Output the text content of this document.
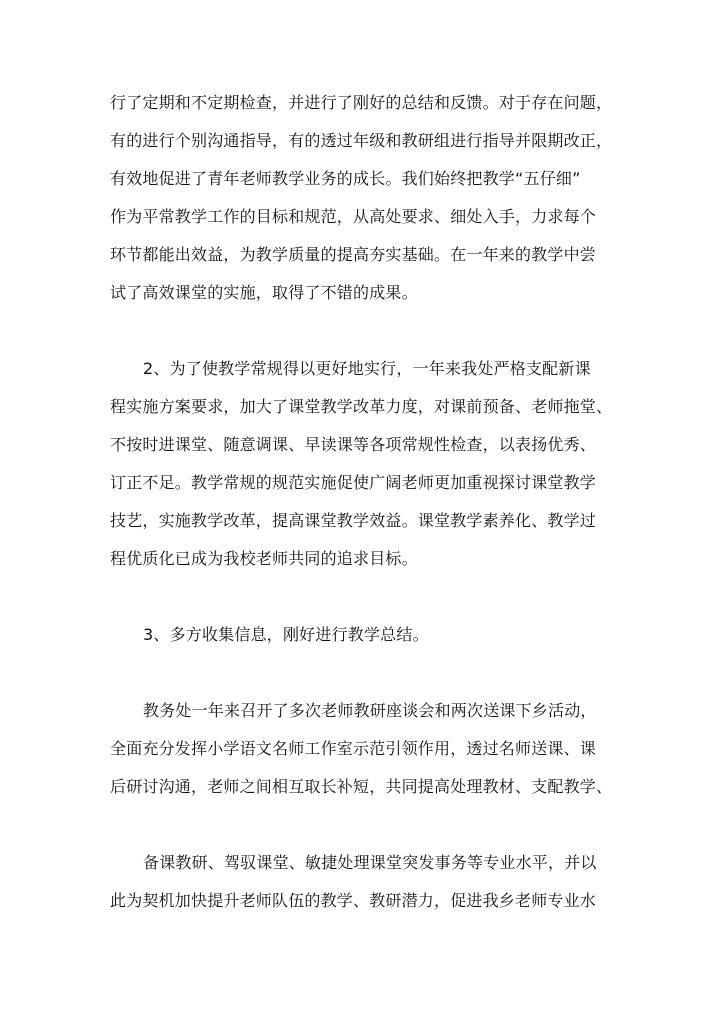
行了定期和不定期检查，并进行了刚好的总结和反馈。对于存在问题，
有的进行个别沟通指导，有的透过年级和教研组进行指导并限期改正，
有效地促进了青年老师教学业务的成长。我们始终把教学“五仔细”
作为平常教学工作的目标和规范，从高处要求、细处入手，力求每个
环节都能出效益，为教学质量的提高夯实基础。在一年来的教学中尝
试了高效课堂的实施，取得了不错的成果。
2、为了使教学常规得以更好地实行，一年来我处严格支配新课
程实施方案要求，加大了课堂教学改革力度，对课前预备、老师拖堂、
不按时进课堂、随意调课、早读课等各项常规性检查，以表扬优秀、
订正不足。教学常规的规范实施促使广阔老师更加重视探讨课堂教学
技艺，实施教学改革，提高课堂教学效益。课堂教学素养化、教学过
程优质化已成为我校老师共同的追求目标。
3、多方收集信息，刚好进行教学总结。
教务处一年来召开了多次老师教研座谈会和两次送课下乡活动，
全面充分发挥小学语文名师工作室示范引领作用，透过名师送课、课
后研讨沟通，老师之间相互取长补短，共同提高处理教材、支配教学、
备课教研、驾驭课堂、敏捷处理课堂突发事务等专业水平，并以
此为契机加快提升老师队伍的教学、教研潜力，促进我乡老师专业水
